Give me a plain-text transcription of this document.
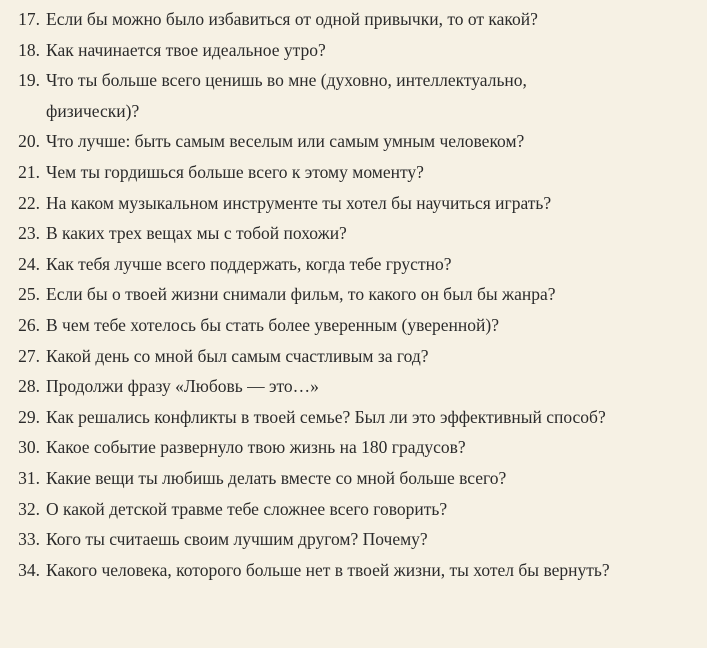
17. Если бы можно было избавиться от одной привычки, то от какой?
18. Как начинается твое идеальное утро?
19. Что ты больше всего ценишь во мне (духовно, интеллектуально, физически)?
20. Что лучше: быть самым веселым или самым умным человеком?
21. Чем ты гордишься больше всего к этому моменту?
22. На каком музыкальном инструменте ты хотел бы научиться играть?
23. В каких трех вещах мы с тобой похожи?
24. Как тебя лучше всего поддержать, когда тебе грустно?
25. Если бы о твоей жизни снимали фильм, то какого он был бы жанра?
26. В чем тебе хотелось бы стать более уверенным (уверенной)?
27. Какой день со мной был самым счастливым за год?
28. Продолжи фразу «Любовь — это…»
29. Как решались конфликты в твоей семье? Был ли это эффективный способ?
30. Какое событие развернуло твою жизнь на 180 градусов?
31. Какие вещи ты любишь делать вместе со мной больше всего?
32. О какой детской травме тебе сложнее всего говорить?
33. Кого ты считаешь своим лучшим другом? Почему?
34. Какого человека, которого больше нет в твоей жизни, ты хотел бы вернуть?
